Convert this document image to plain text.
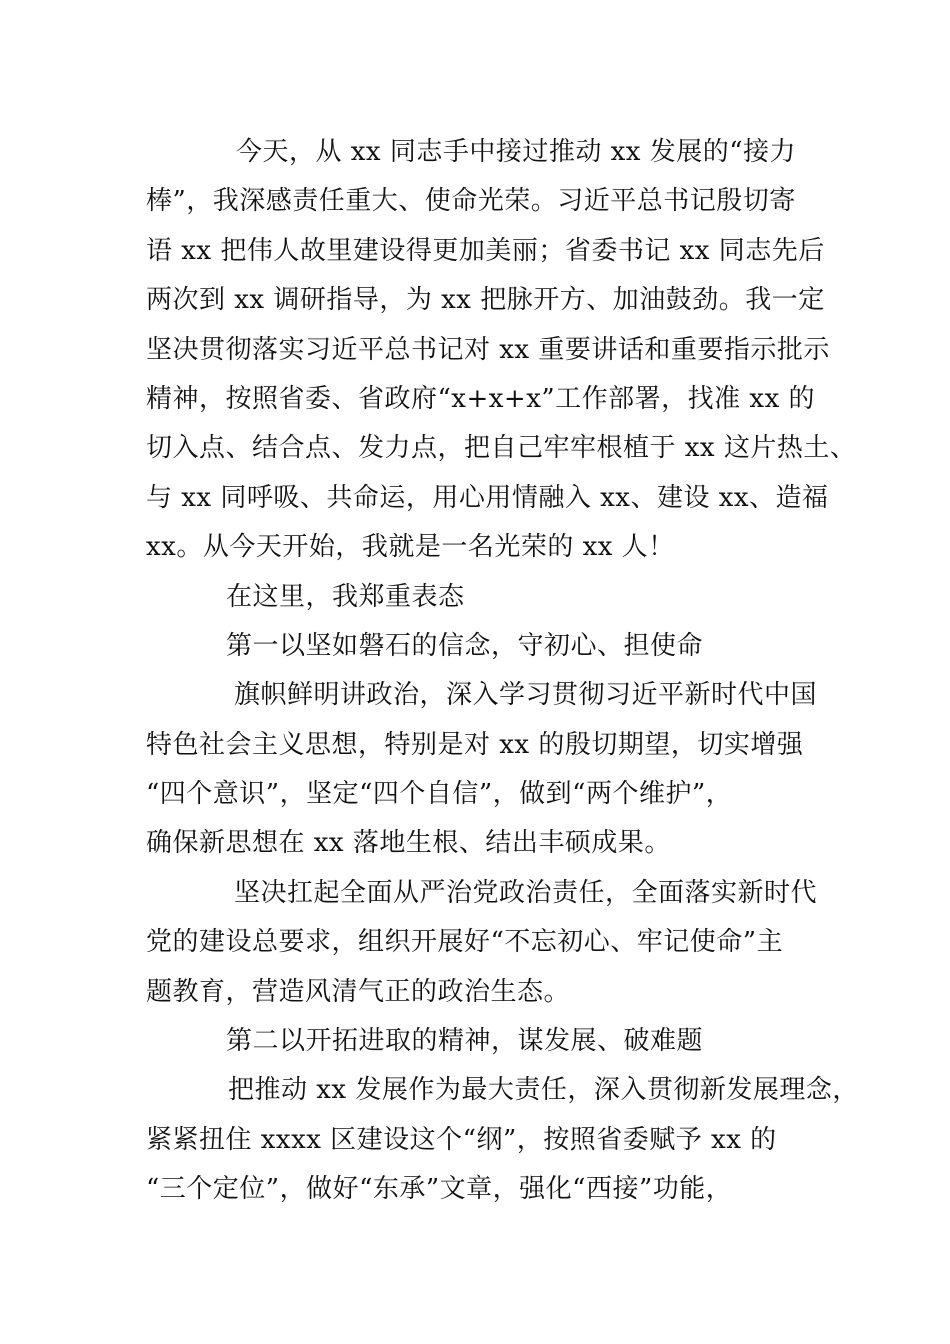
今天，从 xx 同志手中接过推动 xx 发展的“接力
棒”，我深感责任重大、使命光荣。习近平总书记殷切寄
语 xx 把伟人故里建设得更加美丽；省委书记 xx 同志先后
两次到 xx 调研指导，为 xx 把脉开方、加油鼓劲。我一定
坚决贯彻落实习近平总书记对 xx 重要讲话和重要指示批示
精神，按照省委、省政府“x+x+x”工作部署，找准 xx 的
切入点、结合点、发力点，把自己牢牢根植于 xx 这片热土、
与 xx 同呼吸、共命运，用心用情融入 xx、建设 xx、造福
xx。从今天开始，我就是一名光荣的 xx 人！
在这里，我郑重表态
第一以坚如磐石的信念，守初心、担使命
旗帜鲜明讲政治，深入学习贯彻习近平新时代中国
特色社会主义思想，特别是对 xx 的殷切期望，切实增强
“四个意识”，坚定“四个自信”，做到“两个维护”，
确保新思想在 xx 落地生根、结出丰硕成果。
坚决扛起全面从严治党政治责任，全面落实新时代
党的建设总要求，组织开展好“不忘初心、牢记使命”主
题教育，营造风清气正的政治生态。
第二以开拓进取的精神，谋发展、破难题
把推动 xx 发展作为最大责任，深入贯彻新发展理念，
紧紧扭住 xxxx 区建设这个“纲”，按照省委赋予 xx 的
“三个定位”，做好“东承”文章，强化“西接”功能，
